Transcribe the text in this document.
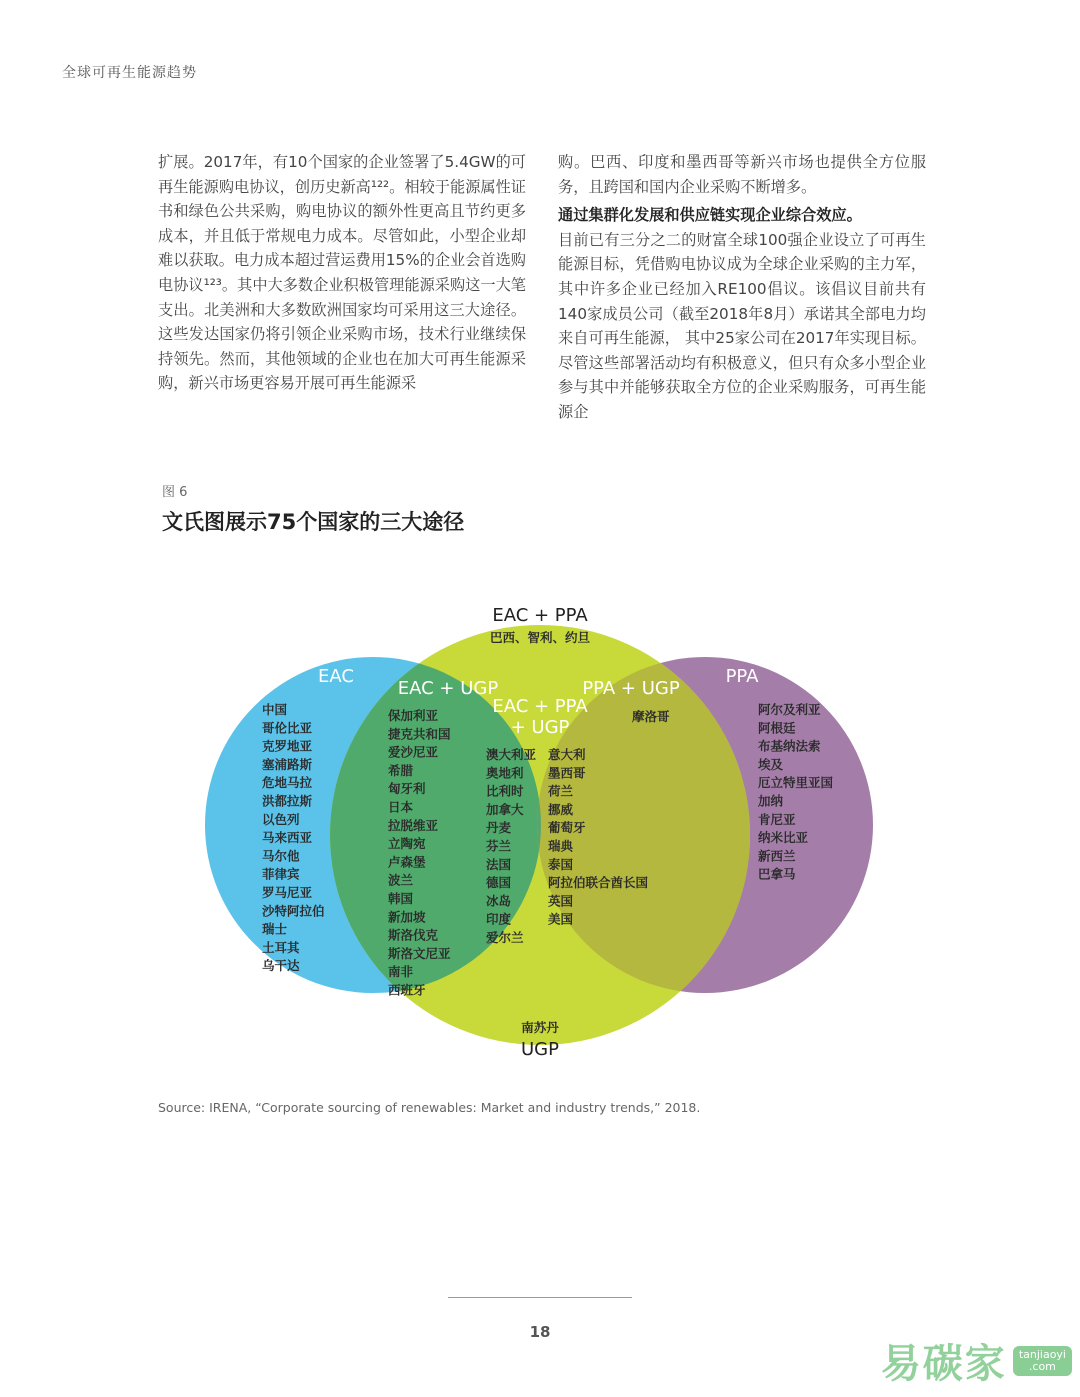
全球可再生能源趋势

扩展。2017年，有10个国家的企业签署了5.4GW的可再生能源购电协议，创历史新高¹²²。相较于能源属性证书和绿色公共采购，购电协议的额外性更高且节约更多成本，并且低于常规电力成本。尽管如此，小型企业却难以获取。电力成本超过营运费用15%的企业会首选购电协议¹²³。其中大多数企业积极管理能源采购这一大笔支出。北美洲和大多数欧洲国家均可采用这三大途径。这些发达国家仍将引领企业采购市场，技术行业继续保持领先。然而，其他领域的企业也在加大可再生能源采购，新兴市场更容易开展可再生能源采

购。巴西、印度和墨西哥等新兴市场也提供全方位服务，且跨国和国内企业采购不断增多。

通过集群化发展和供应链实现企业综合效应。
目前已有三分之二的财富全球100强企业设立了可再生能源目标，凭借购电协议成为全球企业采购的主力军，其中许多企业已经加入RE100倡议。该倡议目前共有140家成员公司（截至2018年8月）承诺其全部电力均来自可再生能源， 其中25家公司在2017年实现目标。尽管这些部署活动均有积极意义，但只有众多小型企业参与其中并能够获取全方位的企业采购服务，可再生能源企

图 6
文氏图展示75个国家的三大途径
EAC + PPA
巴西、智利、约旦
EAC	PPA
EAC + UGP	PPA + UGP
EAC + PPA
+ UGP
中国
哥伦比亚
克罗地亚
塞浦路斯
危地马拉
洪都拉斯
以色列
马来西亚
马尔他
菲律宾
罗马尼亚
沙特阿拉伯
瑞士
土耳其
乌干达
保加利亚
捷克共和国
爱沙尼亚
希腊
匈牙利
日本
拉脱维亚
立陶宛
卢森堡
波兰
韩国
新加坡
斯洛伐克
斯洛文尼亚
南非
西班牙
澳大利亚
奥地利
比利时
加拿大
丹麦
芬兰
法国
德国
冰岛
印度
爱尔兰
意大利
墨西哥
荷兰
挪威
葡萄牙
瑞典
泰国
阿拉伯联合酋长国
英国
美国
摩洛哥	阿尔及利亚
阿根廷
布基纳法索
埃及
厄立特里亚国
加纳
肯尼亚
纳米比亚
新西兰
巴拿马
南苏丹
UGP
Source: IRENA, “Corporate sourcing of renewables: Market and industry trends,” 2018.
18
易碳家	tanjiaoyi
.com
